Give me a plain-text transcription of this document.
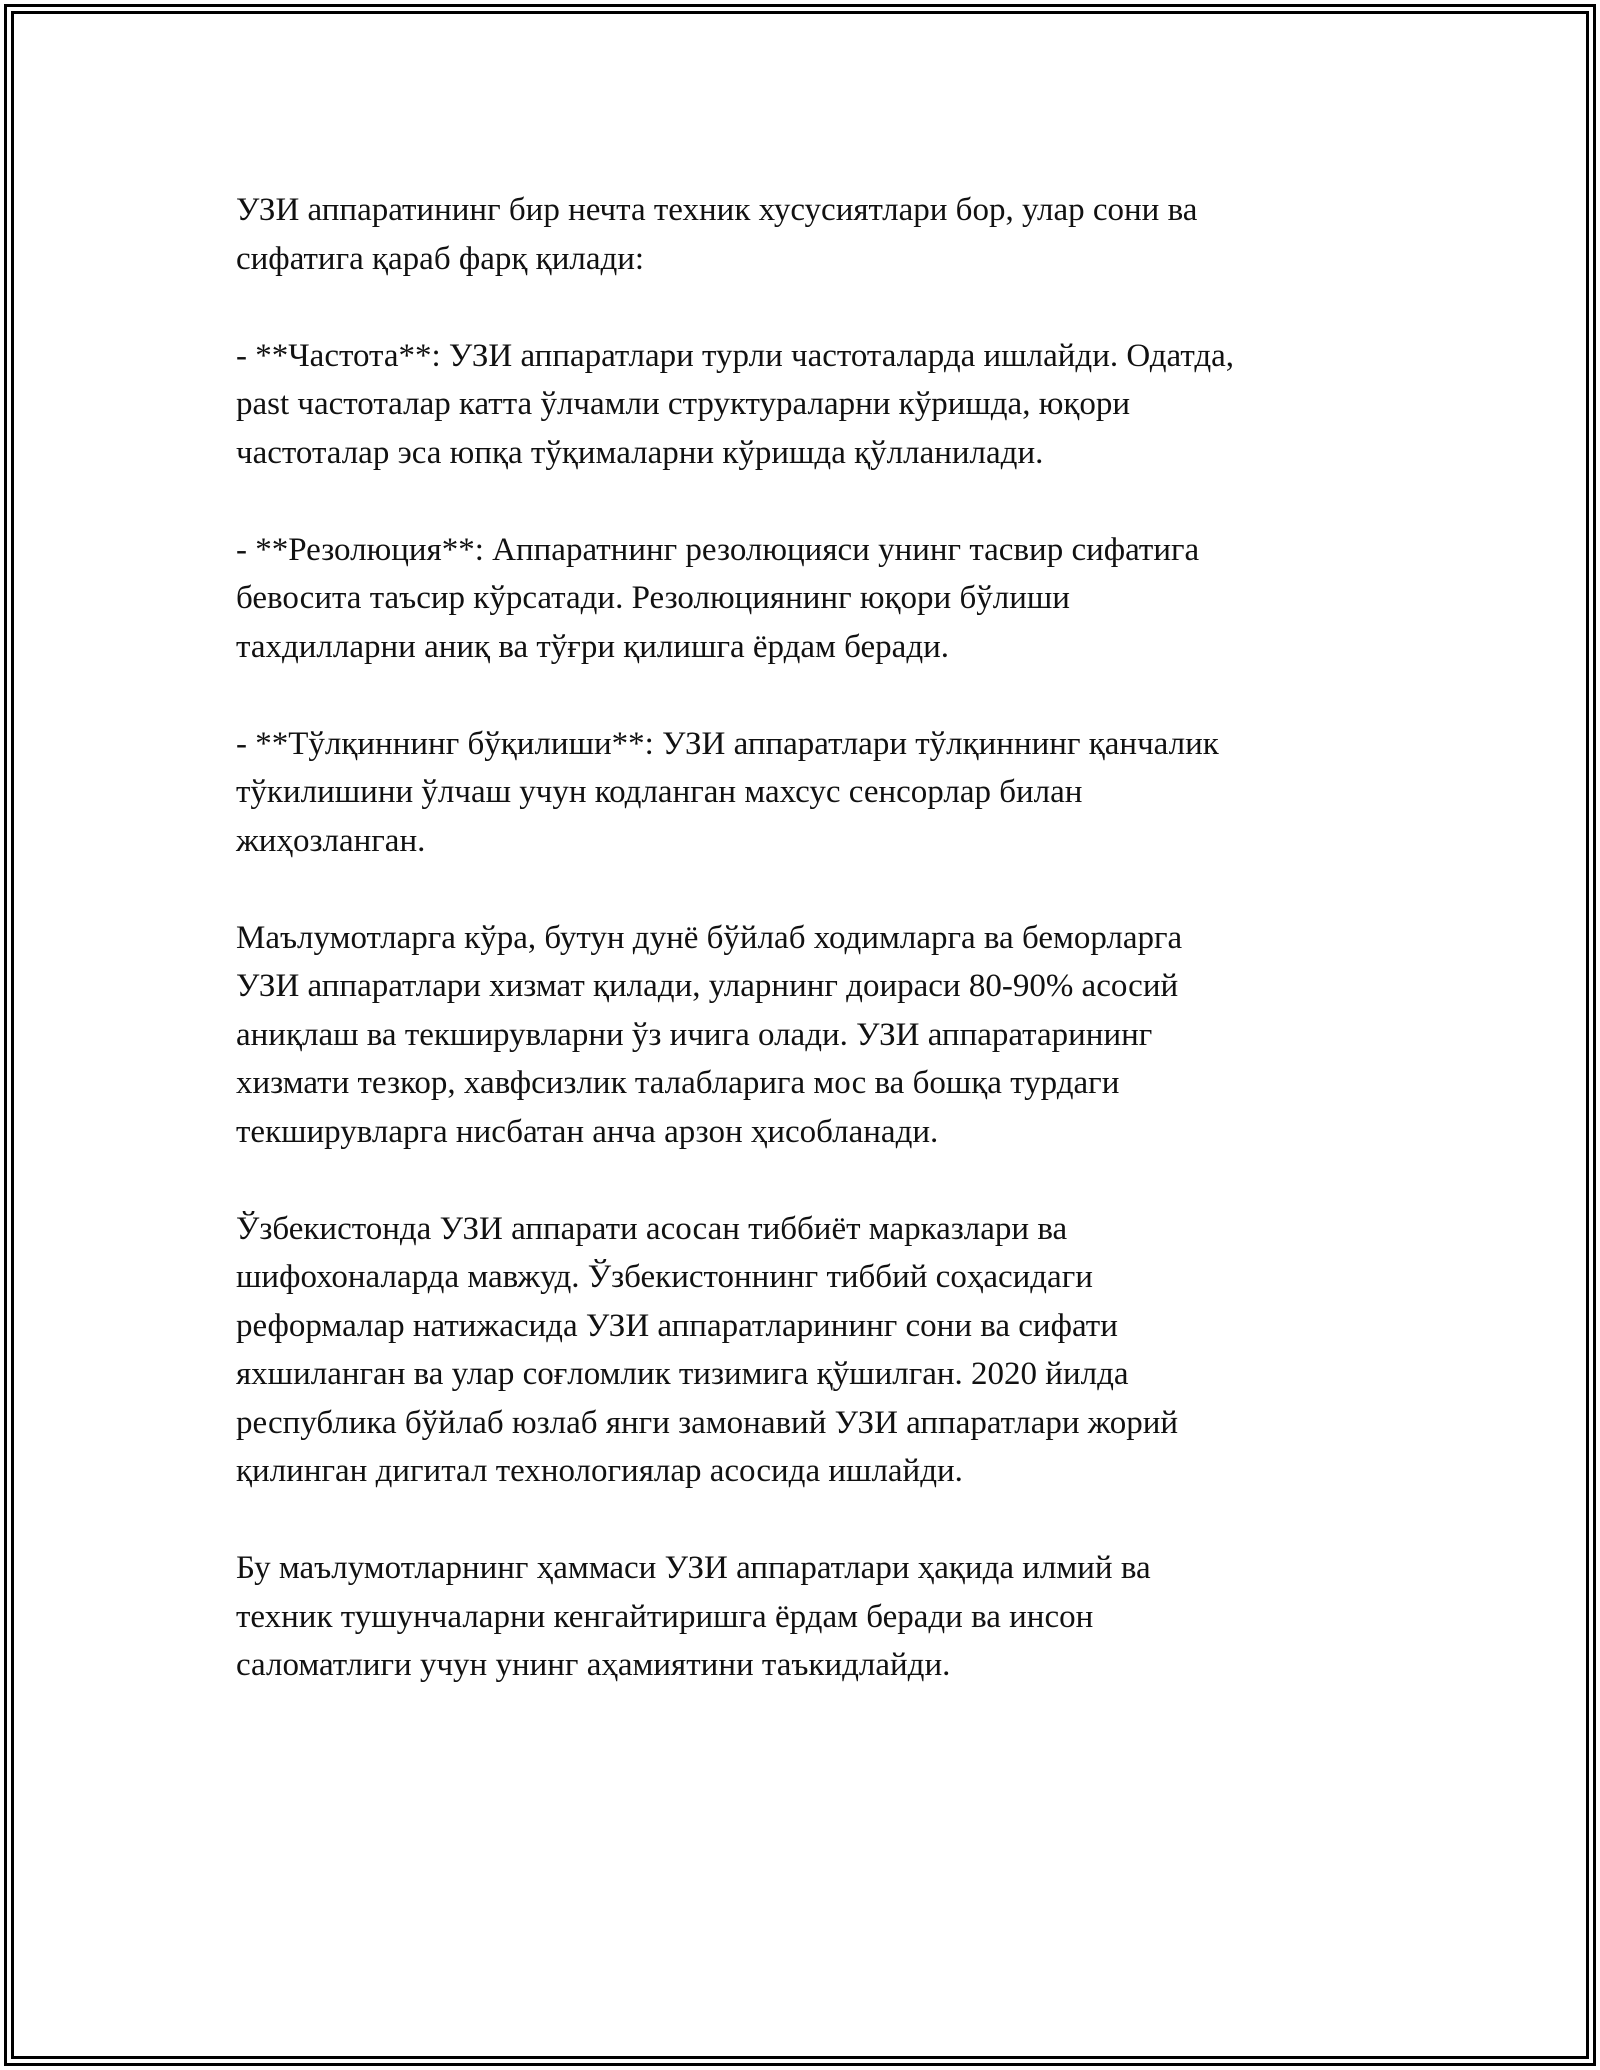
УЗИ аппаратининг бир нечта техник хусусиятлари бор, улар сони ва
сифатига қараб фарқ қилади:

- **Частота**: УЗИ аппаратлари турли частоталарда ишлайди. Одатда,
past частоталар катта ўлчамли структураларни кўришда, юқори
частоталар эса юпқа тўқималарни кўришда қўлланилади.

- **Резолюция**: Аппаратнинг резолюцияси унинг тасвир сифатига
бевосита таъсир кўрсатади. Резолюциянинг юқори бўлиши
тахдилларни аниқ ва тўғри қилишга ёрдам беради.

- **Тўлқиннинг бўқилиши**: УЗИ аппаратлари тўлқиннинг қанчалик
тўкилишини ўлчаш учун кодланган махсус сенсорлар билан
жиҳозланган.

Маълумотларга кўра, бутун дунё бўйлаб ходимларга ва беморларга
УЗИ аппаратлари хизмат қилади, уларнинг доираси 80-90% асосий
аниқлаш ва текширувларни ўз ичига олади. УЗИ аппаратарининг
хизмати тезкор, хавфсизлик талабларига мос ва бошқа турдаги
текширувларга нисбатан анча арзон ҳисобланади.

Ўзбекистонда УЗИ аппарати асосан тиббиёт марказлари ва
шифохоналарда мавжуд. Ўзбекистоннинг тиббий соҳасидаги
реформалар натижасида УЗИ аппаратларининг сони ва сифати
яхшиланган ва улар соғломлик тизимига қўшилган. 2020 йилда
республика бўйлаб юзлаб янги замонавий УЗИ аппаратлари жорий
қилинган дигитал технологиялар асосида ишлайди.

Бу маълумотларнинг ҳаммаси УЗИ аппаратлари ҳақида илмий ва
техник тушунчаларни кенгайтиришга ёрдам беради ва инсон
саломатлиги учун унинг аҳамиятини таъкидлайди.
